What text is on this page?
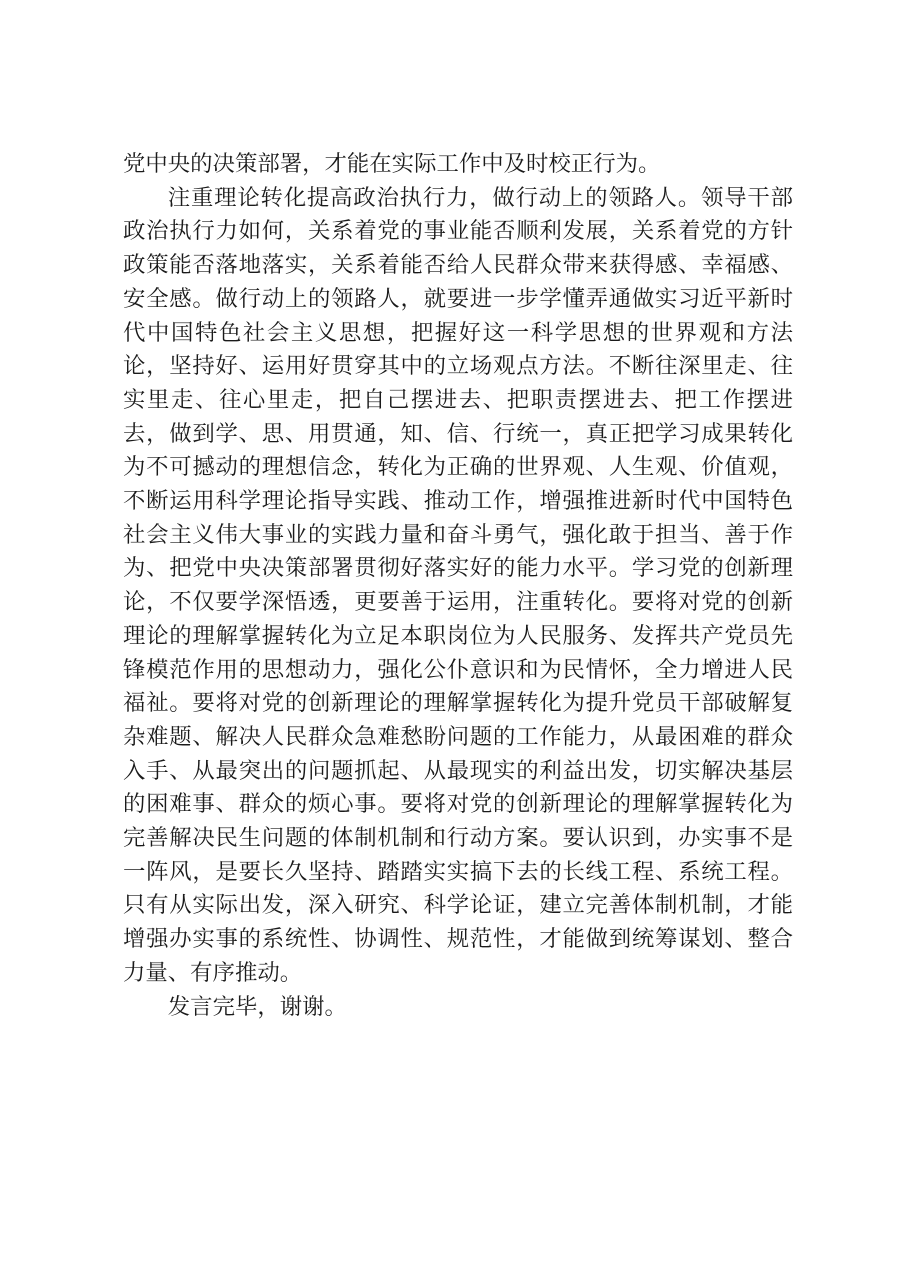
党中央的决策部署，才能在实际工作中及时校正行为。

注重理论转化提高政治执行力，做行动上的领路人。领导干部政治执行力如何，关系着党的事业能否顺利发展，关系着党的方针政策能否落地落实，关系着能否给人民群众带来获得感、幸福感、安全感。做行动上的领路人，就要进一步学懂弄通做实习近平新时代中国特色社会主义思想，把握好这一科学思想的世界观和方法论，坚持好、运用好贯穿其中的立场观点方法。不断往深里走、往实里走、往心里走，把自己摆进去、把职责摆进去、把工作摆进去，做到学、思、用贯通，知、信、行统一，真正把学习成果转化为不可撼动的理想信念，转化为正确的世界观、人生观、价值观，不断运用科学理论指导实践、推动工作，增强推进新时代中国特色社会主义伟大事业的实践力量和奋斗勇气，强化敢于担当、善于作为、把党中央决策部署贯彻好落实好的能力水平。学习党的创新理论，不仅要学深悟透，更要善于运用，注重转化。要将对党的创新理论的理解掌握转化为立足本职岗位为人民服务、发挥共产党员先锋模范作用的思想动力，强化公仆意识和为民情怀，全力增进人民福祉。要将对党的创新理论的理解掌握转化为提升党员干部破解复杂难题、解决人民群众急难愁盼问题的工作能力，从最困难的群众入手、从最突出的问题抓起、从最现实的利益出发，切实解决基层的困难事、群众的烦心事。要将对党的创新理论的理解掌握转化为完善解决民生问题的体制机制和行动方案。要认识到，办实事不是一阵风，是要长久坚持、踏踏实实搞下去的长线工程、系统工程。只有从实际出发，深入研究、科学论证，建立完善体制机制，才能增强办实事的系统性、协调性、规范性，才能做到统筹谋划、整合力量、有序推动。

发言完毕，谢谢。
